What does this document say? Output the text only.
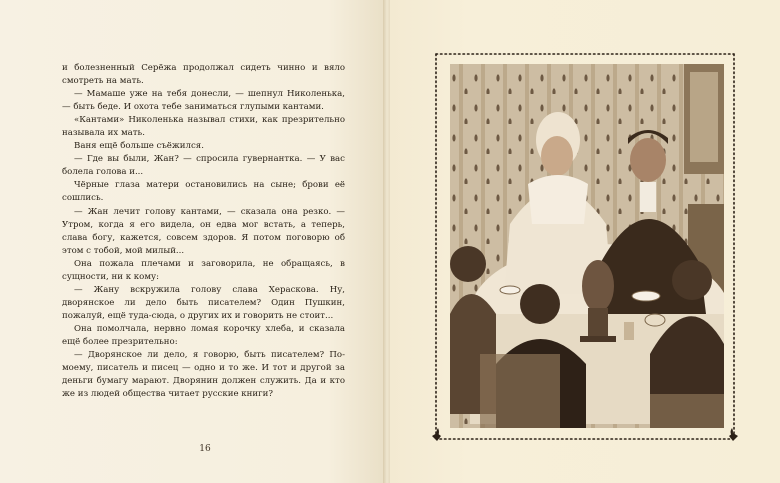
и болезненный Серёжа продолжал сидеть чинно и вяло смотреть на мать.

— Мамаше уже на тебя донесли, — шепнул Николенька, — быть беде. И охота тебе заниматься глупыми кантами.

«Кантами» Николенька называл стихи, как презрительно называла их мать.

Ваня ещё больше съёжился.

— Где вы были, Жан? — спросила гувернантка. — У вас болела голова и...

Чёрные глаза матери остановились на сыне; брови её сошлись.

— Жан лечит голову кантами, — сказала она резко. — Утром, когда я его видела, он едва мог встать, а теперь, слава богу, кажется, совсем здоров. Я потом поговорю об этом с тобой, мой милый...

Она пожала плечами и заговорила, не обращаясь, в сущности, ни к кому:

— Жану вскружила голову слава Хераскова. Ну, дворянское ли дело быть писателем? Один Пушкин, пожалуй, ещё туда-сюда, о других их и говорить не стоит...

Она помолчала, нервно ломая корочку хлеба, и сказала ещё более презрительно:

— Дворянское ли дело, я говорю, быть писателем? По-моему, писатель и писец — одно и то же. И тот и другой за деньги бумагу марают. Дворянин должен служить. Да и кто же из людей общества читает русские книги?

16
